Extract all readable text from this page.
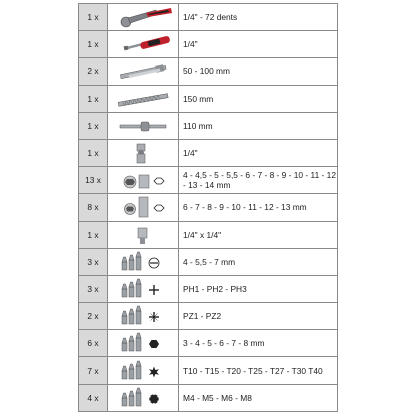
1 x		1/4" - 72 dents
1 x		1/4"
2 x		50 - 100 mm
1 x		150 mm
1 x		110 mm
1 x		1/4"
13 x		4 - 4,5 - 5 - 5,5 - 6 - 7 - 8 - 9 - 10 - 11 - 12 - 13 - 14 mm
8 x		6 - 7 - 8 - 9 - 10 - 11 - 12 - 13 mm
1 x		1/4" x 1/4"
3 x		4 - 5,5 - 7 mm
3 x		PH1 - PH2 - PH3
2 x		PZ1 - PZ2
6 x		3 - 4 - 5 - 6 - 7 - 8 mm
7 x		T10 - T15 - T20 - T25 - T27 - T30 T40
4 x		M4 - M5 - M6 - M8
